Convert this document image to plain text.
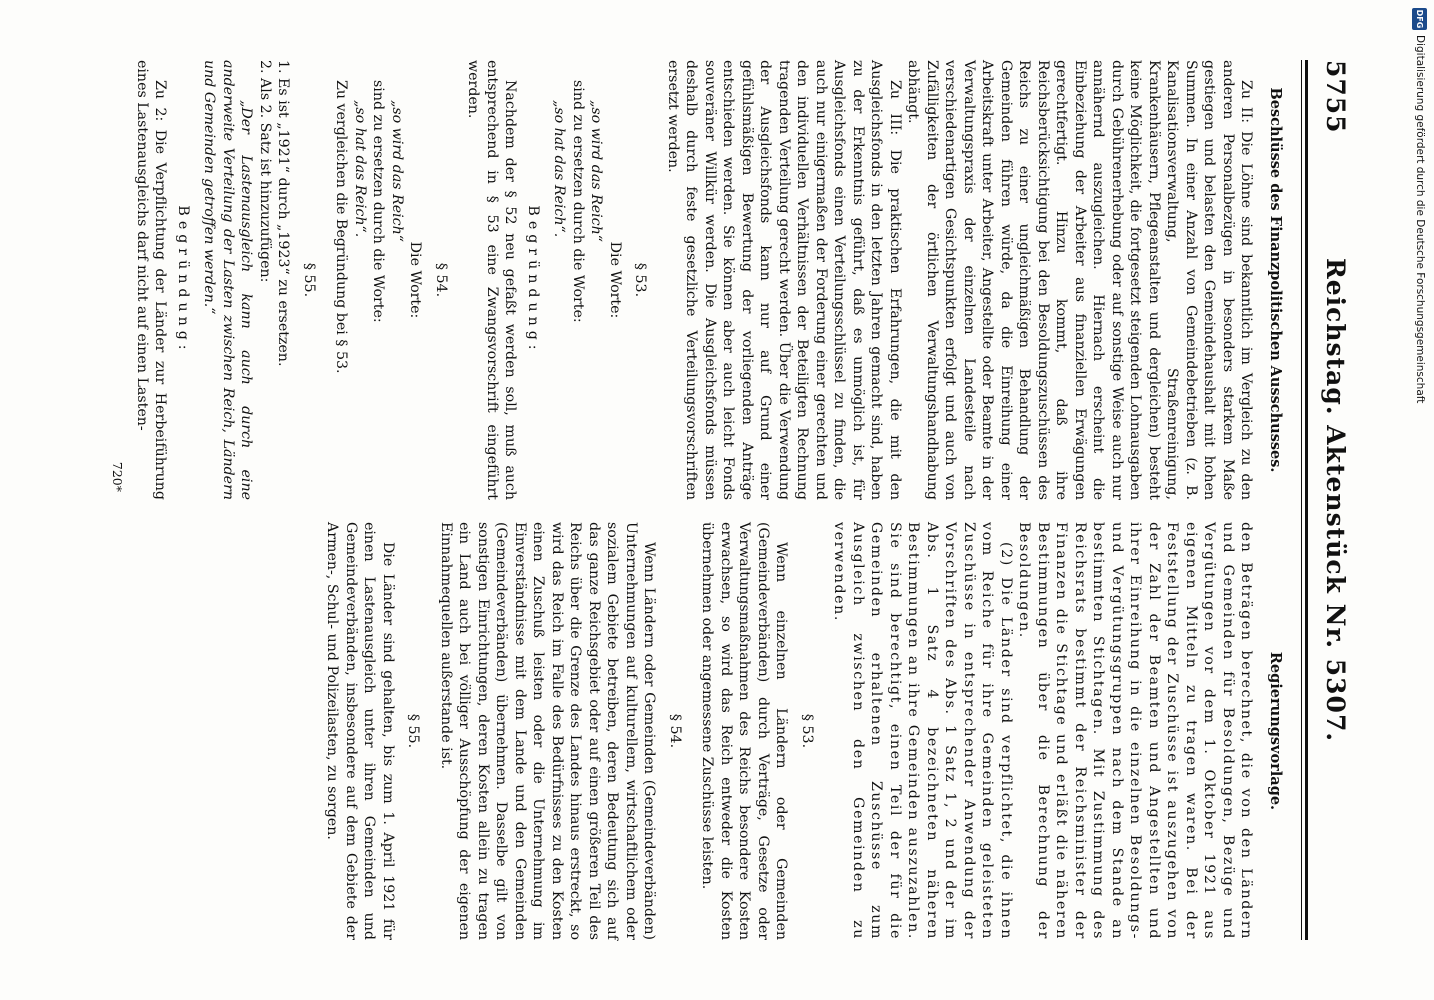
5755
Reichstag. Aktenstück Nr. 5307.
Beschlüsse des Finanzpolitischen Ausschusses.

Zu II: Die Löhne sind bekanntlich im Vergleich zu den anderen Personalbezügen in besonders starkem Maße gestiegen und belasten den Gemeindehaushalt mit hohen Summen. In einer Anzahl von Gemeindebetrieben (z. B. Kanalisationsverwaltung, Straßenreinigung, Krankenhäusern, Pflegeanstalten und dergleichen) besteht keine Möglichkeit, die fortgesetzt steigenden Lohnausgaben durch Gebührenerhebung oder auf sonstige Weise auch nur annähernd auszugleichen. Hiernach erscheint die Einbeziehung der Arbeiter aus finanziellen Erwägungen gerechtfertigt. Hinzu kommt, daß ihre Reichsberücksichtigung bei den Besoldungszuschüssen des Reichs zu einer ungleichmäßigen Behandlung der Gemeinden führen würde, da die Einreihung einer Arbeitskraft unter Arbeiter, Angestellte oder Beamte in der Verwaltungspraxis der einzelnen Landesteile nach verschiedenartigen Gesichtspunkten erfolgt und auch von Zufälligkeiten der örtlichen Verwaltungshandhabung abhängt.

Zu III: Die praktischen Erfahrungen, die mit den Ausgleichsfonds in den letzten Jahren gemacht sind, haben zu der Erkenntnis geführt, daß es unmöglich ist, für Ausgleichsfonds einen Verteilungsschlüssel zu finden, die auch nur einigermaßen der Forderung einer gerechten und den individuellen Verhältnissen der Beteiligten Rechnung tragenden Verteilung gerecht werden. Über die Verwendung der Ausgleichsfonds kann nur auf Grund einer gefühlsmäßigen Bewertung der vorliegenden Anträge entschieden werden. Sie können aber auch leicht Fonds souveräner Willkür werden. Die Ausgleichsfonds müssen deshalb durch feste gesetzliche Verteilungsvorschriften ersetzt werden.

§ 53.

Die Worte:

„so wird das Reich“

sind zu ersetzen durch die Worte:

„so hat das Reich“.

Begründung:

Nachdem der § 52 neu gefaßt werden soll, muß auch entsprechend in § 53 eine Zwangsvorschrift eingeführt werden.

§ 54.

Die Worte:

„so wird das Reich“

sind zu ersetzen durch die Worte:

„so hat das Reich“.

Zu vergleichen die Begründung bei § 53.

§ 55.

1. Es ist „1921“ durch „1923“ zu ersetzen.

2. Als 2. Satz ist hinzuzufügen:

„Der Lastenausgleich kann auch durch eine anderweite Verteilung der Lasten zwischen Reich, Ländern und Gemeinden getroffen werden.“

Begründung:

Zu 2: Die Verpflichtung der Länder zur Herbeiführung eines Lastenausgleichs darf nicht auf einen Lasten-

720*
Regierungsvorlage.

den Beträgen berechnet, die von den Ländern und Gemeinden für Besoldungen, Bezüge und Vergütungen vor dem 1. Oktober 1921 aus eigenen Mitteln zu tragen waren. Bei der Feststellung der Zuschüsse ist auszugehen von der Zahl der Beamten und Angestellten und ihrer Einreihung in die einzelnen Besoldungs- und Vergütungsgruppen nach dem Stande an bestimmten Stichtagen. Mit Zustimmung des Reichsrats bestimmt der Reichsminister der Finanzen die Stichtage und erläßt die näheren Bestimmungen über die Berechnung der Besoldungen.

(2) Die Länder sind verpflichtet, die ihnen vom Reiche für ihre Gemeinden geleisteten Zuschüsse in entsprechender Anwendung der Vorschriften des Abs. 1 Satz 1, 2 und der im Abs. 1 Satz 4 bezeichneten näheren Bestimmungen an ihre Gemeinden auszuzahlen. Sie sind berechtigt, einen Teil der für die Gemeinden erhaltenen Zuschüsse zum Ausgleich zwischen den Gemeinden zu verwenden.

§ 53.

Wenn einzelnen Ländern oder Gemeinden (Gemeindeverbänden) durch Verträge, Gesetze oder Verwaltungsmaßnahmen des Reichs besondere Kosten erwachsen, so wird das Reich entweder die Kosten übernehmen oder angemessene Zuschüsse leisten.

§ 54.

Wenn Ländern oder Gemeinden (Gemeindeverbänden) Unternehmungen auf kulturellem, wirtschaftlichem oder sozialem Gebiete betreiben, deren Bedeutung sich auf das ganze Reichsgebiet oder auf einen größeren Teil des Reichs über die Grenze des Landes hinaus erstreckt, so wird das Reich im Falle des Bedürfnisses zu den Kosten einen Zuschuß leisten oder die Unternehmung im Einverständnisse mit dem Lande und den Gemeinden (Gemeindeverbänden) übernehmen. Dasselbe gilt von sonstigen Einrichtungen, deren Kosten allein zu tragen ein Land auch bei völliger Ausschöpfung der eigenen Einnahmequellen außerstande ist.

§ 55.

Die Länder sind gehalten, bis zum 1. April 1921 für einen Lastenausgleich unter ihren Gemeinden und Gemeindeverbänden, insbesondere auf dem Gebiete der Armen-, Schul- und Polizeilasten, zu sorgen.

DFG
Digitalisierung gefördert durch die Deutsche Forschungsgemeinschaft
